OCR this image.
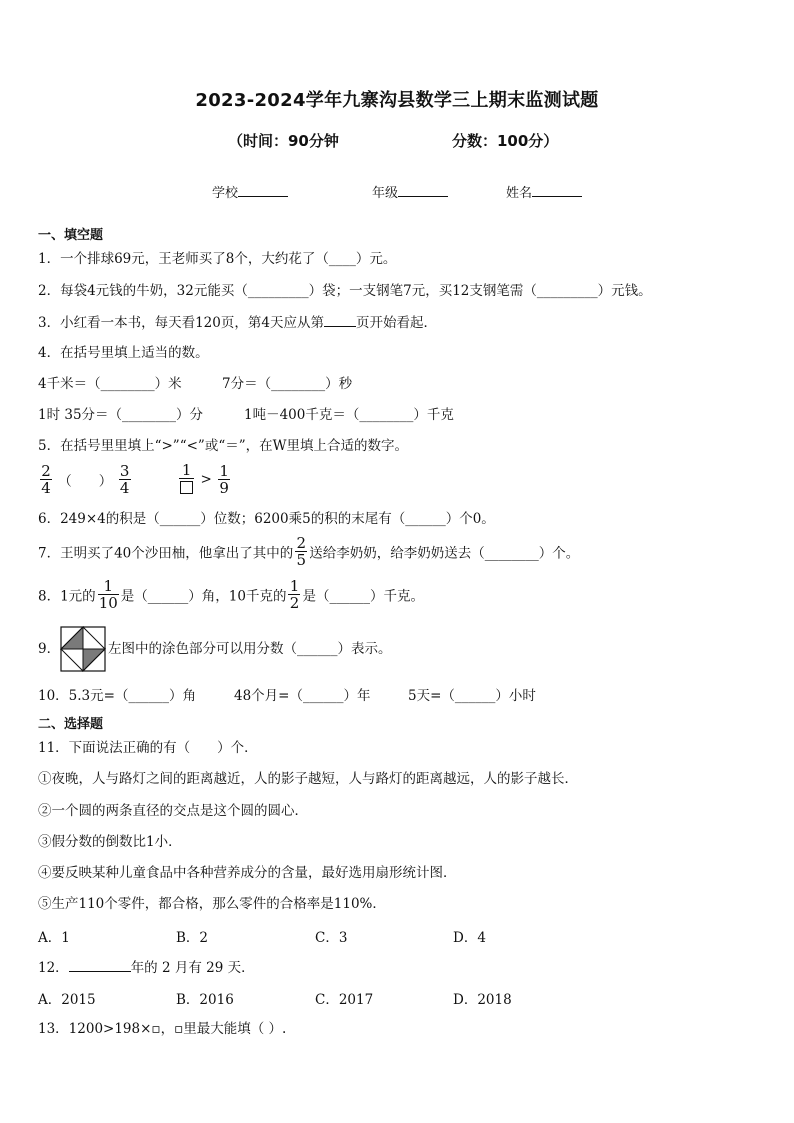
2023-2024学年九寨沟县数学三上期末监测试题
（时间：90分钟	分数：100分）
学校	年级	姓名
一、填空题
1．一个排球69元，王老师买了8个，大约花了（____）元。
2．每袋4元钱的牛奶，32元能买（_________）袋；一支钢笔7元，买12支钢笔需（_________）元钱。
3．小红看一本书，每天看120页，第4天应从第 页开始看起．
4．在括号里填上适当的数。
4千米＝（________）米	7分＝（________）秒
1时 35分＝（________）分	1吨－400千克＝（________）千克
5．在括号里里填上“>”“<”或“＝”，在W里填上合适的数字。
$\frac{2}{4}$ （　　） $\frac{3}{4}$
	1
> $\frac{1}{9}$
6．249×4的积是（______）位数；6200乘5的积的末尾有（______）个0。
7．王明买了40个沙田柚，他拿出了其中的 $\frac{2}{5}$ 送给李奶奶，给李奶奶送去（________）个。
8．1元的 $\frac{1}{10}$ 是（______）角，10千克的 $\frac{1}{2}$ 是（______）千克。
9．	左图中的涂色部分可以用分数（______）表示。
10．5.3元=（______）角	48个月=（______）年	5天=（______）小时
二、选择题
11．下面说法正确的有（　　）个．
①夜晚，人与路灯之间的距离越近，人的影子越短，人与路灯的距离越远，人的影子越长．
②一个圆的两条直径的交点是这个圆的圆心．
③假分数的倒数比1小．
④要反映某种儿童食品中各种营养成分的含量，最好选用扇形统计图．
⑤生产110个零件，都合格，那么零件的合格率是110%．
A．1	B．2	C．3	D．4
12．	年的 2 月有 29 天．
A．2015	B．2016	C．2017	D．2018
13．1200>198×▫，▫里最大能填（ ）.
